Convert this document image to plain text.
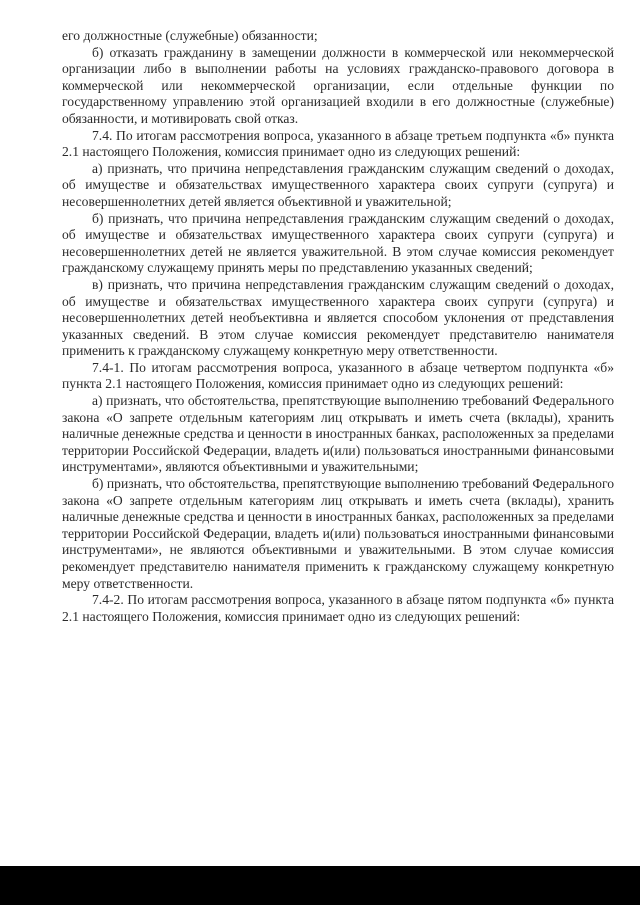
его должностные (служебные) обязанности;

б) отказать гражданину в замещении должности в коммерческой или некоммерческой организации либо в выполнении работы на условиях гражданско-правового договора в коммерческой или некоммерческой организации, если отдельные функции по государственному управлению этой организацией входили в его должностные (служебные) обязанности, и мотивировать свой отказ.

7.4. По итогам рассмотрения вопроса, указанного в абзаце третьем подпункта «б» пункта 2.1 настоящего Положения, комиссия принимает одно из следующих решений:

а) признать, что причина непредставления гражданским служащим сведений о доходах, об имуществе и обязательствах имущественного характера своих супруги (супруга) и несовершеннолетних детей является объективной и уважительной;

б) признать, что причина непредставления гражданским служащим сведений о доходах, об имуществе и обязательствах имущественного характера своих супруги (супруга) и несовершеннолетних детей не является уважительной. В этом случае комиссия рекомендует гражданскому служащему принять меры по представлению указанных сведений;

в) признать, что причина непредставления гражданским служащим сведений о доходах, об имуществе и обязательствах имущественного характера своих супруги (супруга) и несовершеннолетних детей необъективна и является способом уклонения от представления указанных сведений. В этом случае комиссия рекомендует представителю нанимателя применить к гражданскому служащему конкретную меру ответственности.

7.4-1. По итогам рассмотрения вопроса, указанного в абзаце четвертом подпункта «б» пункта 2.1 настоящего Положения, комиссия принимает одно из следующих решений:

а) признать, что обстоятельства, препятствующие выполнению требований Федерального закона «О запрете отдельным категориям лиц открывать и иметь счета (вклады), хранить наличные денежные средства и ценности в иностранных банках, расположенных за пределами территории Российской Федерации, владеть и(или) пользоваться иностранными финансовыми инструментами», являются объективными и уважительными;

б) признать, что обстоятельства, препятствующие выполнению требований Федерального закона «О запрете отдельным категориям лиц открывать и иметь счета (вклады), хранить наличные денежные средства и ценности в иностранных банках, расположенных за пределами территории Российской Федерации, владеть и(или) пользоваться иностранными финансовыми инструментами», не являются объективными и уважительными. В этом случае комиссия рекомендует представителю нанимателя применить к гражданскому служащему конкретную меру ответственности.

7.4-2. По итогам рассмотрения вопроса, указанного в абзаце пятом подпункта «б» пункта 2.1 настоящего Положения, комиссия принимает одно из следующих решений:
